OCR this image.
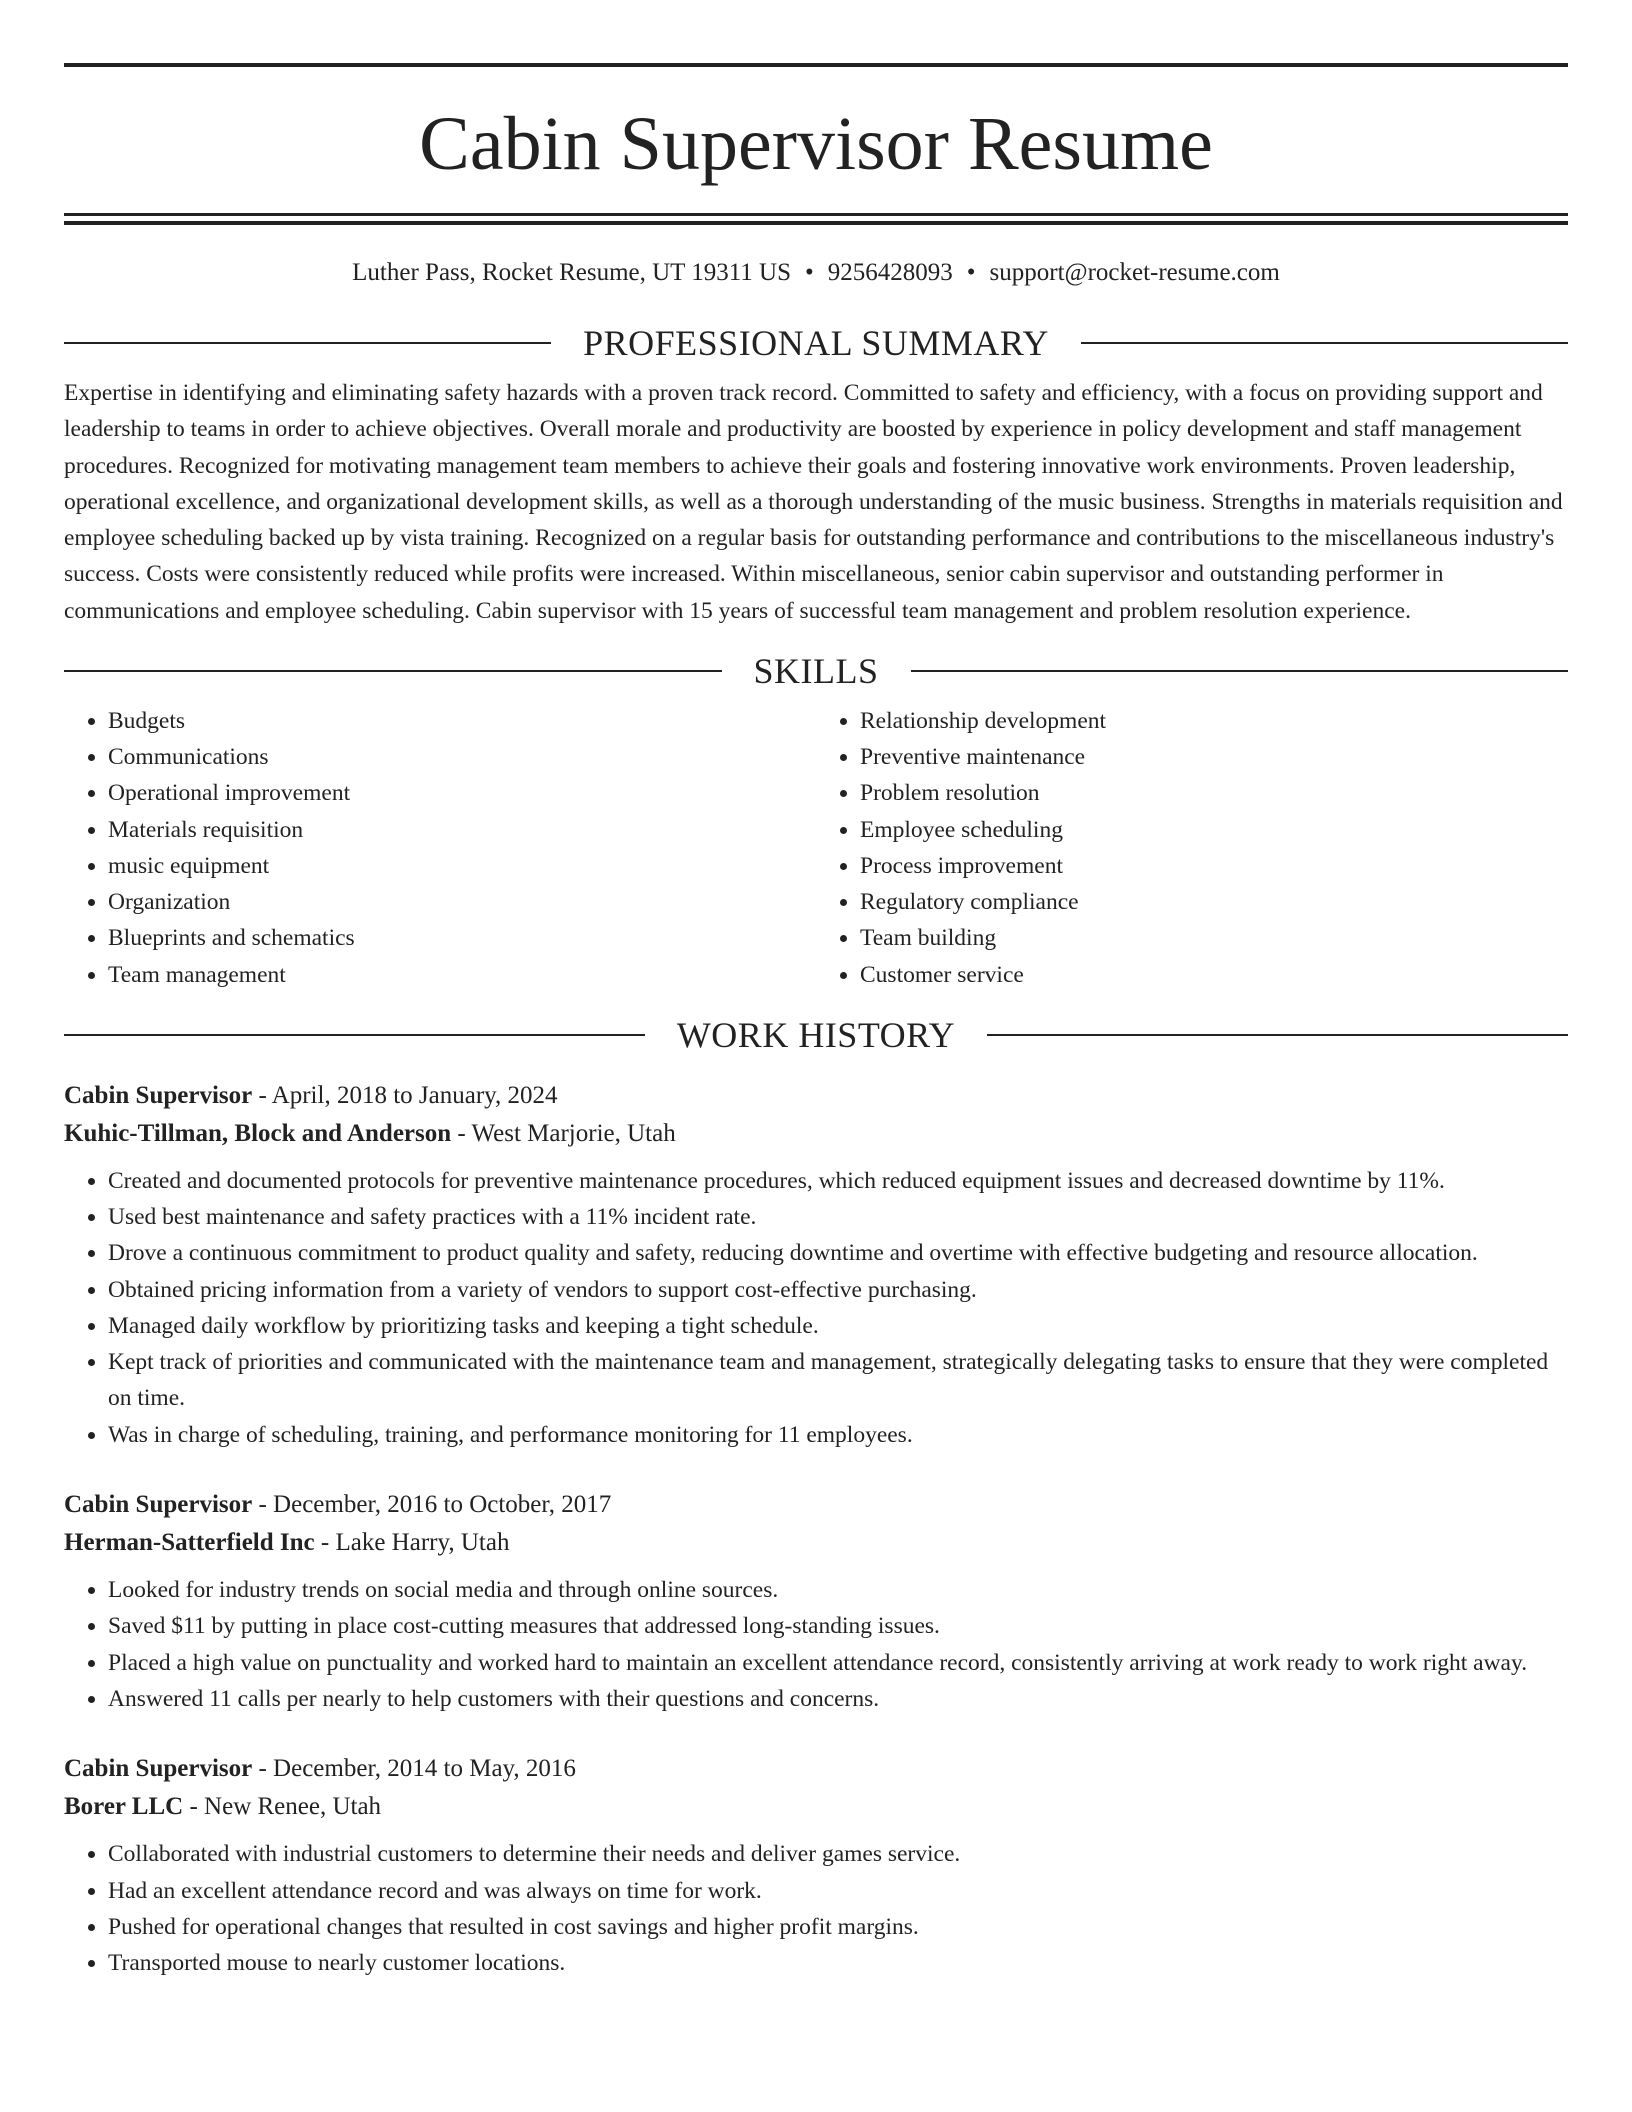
Cabin Supervisor Resume
Luther Pass, Rocket Resume, UT 19311 US • 9256428093 • support@rocket-resume.com
PROFESSIONAL SUMMARY
Expertise in identifying and eliminating safety hazards with a proven track record. Committed to safety and efficiency, with a focus on providing support and leadership to teams in order to achieve objectives. Overall morale and productivity are boosted by experience in policy development and staff management procedures. Recognized for motivating management team members to achieve their goals and fostering innovative work environments. Proven leadership, operational excellence, and organizational development skills, as well as a thorough understanding of the music business. Strengths in materials requisition and employee scheduling backed up by vista training. Recognized on a regular basis for outstanding performance and contributions to the miscellaneous industry's success. Costs were consistently reduced while profits were increased. Within miscellaneous, senior cabin supervisor and outstanding performer in communications and employee scheduling. Cabin supervisor with 15 years of successful team management and problem resolution experience.
SKILLS
• Budgets
• Communications
• Operational improvement
• Materials requisition
• music equipment
• Organization
• Blueprints and schematics
• Team management
• Relationship development
• Preventive maintenance
• Problem resolution
• Employee scheduling
• Process improvement
• Regulatory compliance
• Team building
• Customer service
WORK HISTORY
Cabin Supervisor - April, 2018 to January, 2024
Kuhic-Tillman, Block and Anderson - West Marjorie, Utah
• Created and documented protocols for preventive maintenance procedures, which reduced equipment issues and decreased downtime by 11%.
• Used best maintenance and safety practices with a 11% incident rate.
• Drove a continuous commitment to product quality and safety, reducing downtime and overtime with effective budgeting and resource allocation.
• Obtained pricing information from a variety of vendors to support cost-effective purchasing.
• Managed daily workflow by prioritizing tasks and keeping a tight schedule.
• Kept track of priorities and communicated with the maintenance team and management, strategically delegating tasks to ensure that they were completed on time.
• Was in charge of scheduling, training, and performance monitoring for 11 employees.
Cabin Supervisor - December, 2016 to October, 2017
Herman-Satterfield Inc - Lake Harry, Utah
• Looked for industry trends on social media and through online sources.
• Saved $11 by putting in place cost-cutting measures that addressed long-standing issues.
• Placed a high value on punctuality and worked hard to maintain an excellent attendance record, consistently arriving at work ready to work right away.
• Answered 11 calls per nearly to help customers with their questions and concerns.
Cabin Supervisor - December, 2014 to May, 2016
Borer LLC - New Renee, Utah
• Collaborated with industrial customers to determine their needs and deliver games service.
• Had an excellent attendance record and was always on time for work.
• Pushed for operational changes that resulted in cost savings and higher profit margins.
• Transported mouse to nearly customer locations.
